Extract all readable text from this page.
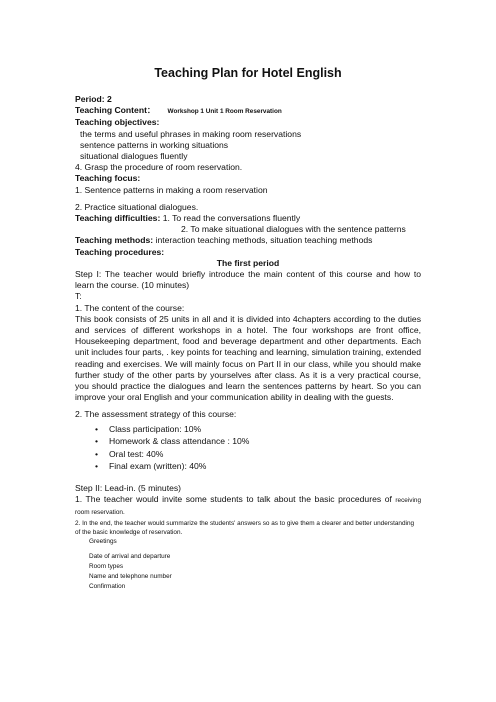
Teaching Plan for Hotel English
Period: 2
Teaching Content： Workshop 1 Unit 1 Room Reservation
Teaching objectives:
the terms and useful phrases in making room reservations
sentence patterns in working situations
situational dialogues fluently
4. Grasp the procedure of room reservation.
Teaching focus:
1. Sentence patterns in making a room reservation
2. Practice situational dialogues.
Teaching difficulties: 1. To read the conversations fluently
2. To make situational dialogues with the sentence patterns
Teaching methods: interaction teaching methods, situation teaching methods
Teaching procedures:
The first period
Step I: The teacher would briefly introduce the main content of this course and how to learn the course. (10 minutes)
T:
1. The content of the course:
This book consists of 25 units in all and it is divided into 4chapters according to the duties and services of different workshops in a hotel. The four workshops are front office, Housekeeping department, food and beverage department and other departments. Each unit includes four parts, . key points for teaching and learning, simulation training, extended reading and exercises. We will mainly focus on Part II in our class, while you should make further study of the other parts by yourselves after class. As it is a very practical course, you should practice the dialogues and learn the sentences patterns by heart. So you can improve your oral English and your communication ability in dealing with the guests.
2. The assessment strategy of this course:
• Class participation: 10%
• Homework & class attendance : 10%
• Oral test: 40%
• Final exam (written): 40%
Step II: Lead-in. (5 minutes)
1. The teacher would invite some students to talk about the basic procedures of receiving room reservation.
2. In the end, the teacher would summarize the students' answers so as to give them a clearer and better understanding of the basic knowledge of reservation.
Greetings
Date of arrival and departure
Room types
Name and telephone number
Confirmation
